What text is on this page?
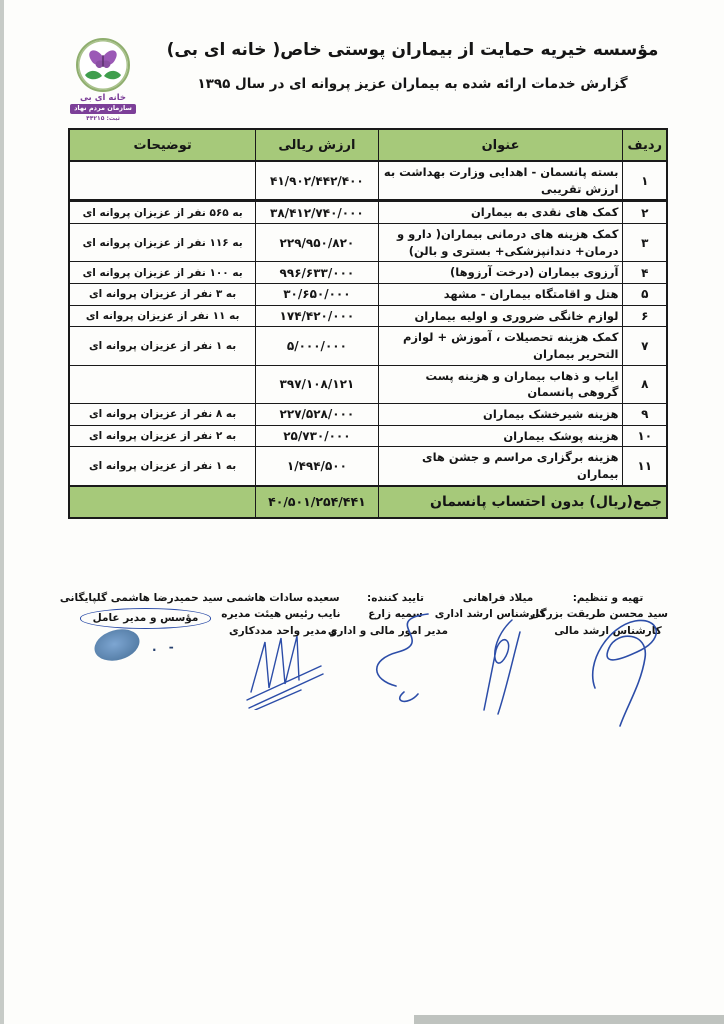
خانه ای بی
سازمان مردم نهاد
ثبت: ۴۴۲۱۵
مؤسسه خیریه حمایت از بیماران پوستی خاص( خانه ای بی)
گزارش خدمات ارائه شده به بیماران عزیز پروانه ای در سال ۱۳۹۵
ردیف	عنوان	ارزش ریالی	توضیحات
۱	بسته پانسمان - اهدایی وزارت بهداشت به ارزش تقریبی	۴۱/۹۰۲/۴۴۲/۴۰۰	
۲	کمک های نقدی به بیماران	۳۸/۴۱۲/۷۴۰/۰۰۰	به ۵۶۵ نفر از عزیزان پروانه ای
۳	کمک هزینه های درمانی بیماران( دارو و درمان+ دندانپزشکی+ بستری و بالن)	۲۲۹/۹۵۰/۸۲۰	به ۱۱۶ نفر از عزیزان پروانه ای
۴	آرزوی بیماران (درخت آرزوها)	۹۹۶/۶۳۳/۰۰۰	به ۱۰۰ نفر از عزیزان پروانه ای
۵	هتل و اقامتگاه بیماران - مشهد	۳۰/۶۵۰/۰۰۰	به ۳ نفر از عزیزان پروانه ای
۶	لوازم خانگی ضروری و اولیه بیماران	۱۷۴/۴۲۰/۰۰۰	به ۱۱ نفر از عزیزان پروانه ای
۷	کمک هزینه تحصیلات ، آموزش + لوازم التحریر بیماران	۵/۰۰۰/۰۰۰	به ۱ نفر از عزیزان پروانه ای
۸	ایاب و ذهاب بیماران و هزینه پست گروهی پانسمان	۳۹۷/۱۰۸/۱۲۱	
۹	هزینه شیرخشک بیماران	۲۲۷/۵۲۸/۰۰۰	به ۸ نفر از عزیزان پروانه ای
۱۰	هزینه پوشک بیماران	۲۵/۷۳۰/۰۰۰	به ۲ نفر از عزیزان پروانه ای
۱۱	هزینه برگزاری مراسم و جشن های بیماران	۱/۴۹۴/۵۰۰	به ۱ نفر از عزیزان پروانه ای
جمع(ریال) بدون احتساب پانسمان		۴۰/۵۰۱/۲۵۴/۴۴۱	
تهیه و تنظیم:
سید محسن طریقت بزرگی
کارشناس ارشد مالی
میلاد فراهانی
کارشناس ارشد اداری
تایید کننده:
سمیه زارع
مدیر امور مالی و اداری
سعیده سادات هاشمی
نایب رئیس هیئت مدیره
و مدیر واحد مددکاری
سید حمیدرضا هاشمی گلپایگانی
مؤسس و مدیر عامل
- .
